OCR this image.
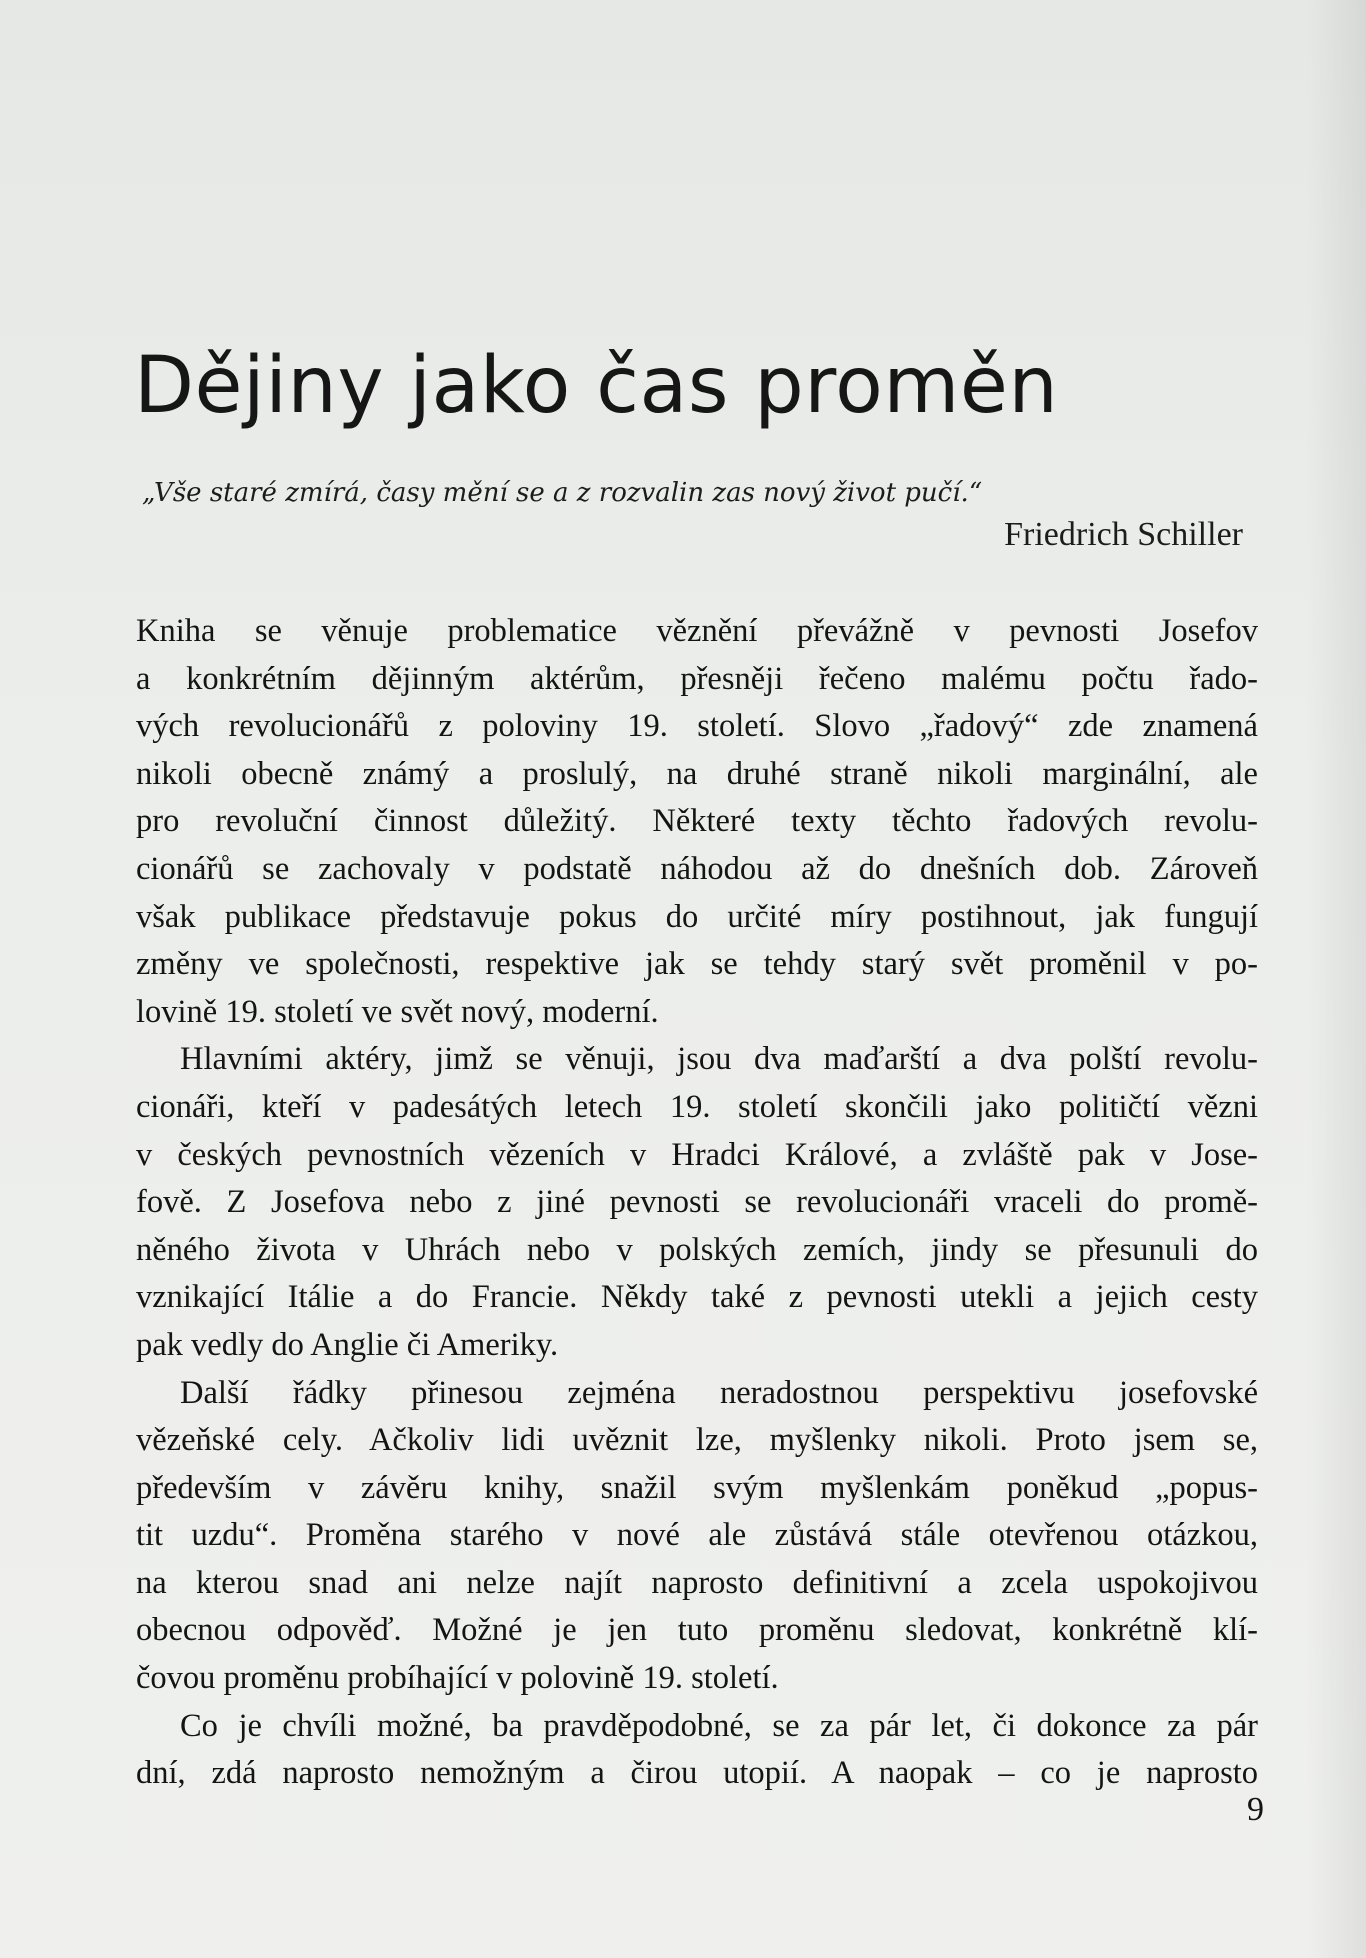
Dějiny jako čas proměn

„Vše staré zmírá, časy mění se a z rozvalin zas nový život pučí.“

Friedrich Schiller

Kniha se věnuje problematice věznění převážně v pevnosti Josefov
a konkrétním dějinným aktérům, přesněji řečeno malému počtu řado-
vých revolucionářů z poloviny 19. století. Slovo „řadový“ zde znamená
nikoli obecně známý a proslulý, na druhé straně nikoli marginální, ale
pro revoluční činnost důležitý. Některé texty těchto řadových revolu-
cionářů se zachovaly v podstatě náhodou až do dnešních dob. Zároveň
však publikace představuje pokus do určité míry postihnout, jak fungují
změny ve společnosti, respektive jak se tehdy starý svět proměnil v po-
lovině 19. století ve svět nový, moderní.

Hlavními aktéry, jimž se věnuji, jsou dva maďarští a dva polští revolu-
cionáři, kteří v padesátých letech 19. století skončili jako političtí vězni
v českých pevnostních vězeních v Hradci Králové, a zvláště pak v Jose-
fově. Z Josefova nebo z jiné pevnosti se revolucionáři vraceli do promě-
něného života v Uhrách nebo v polských zemích, jindy se přesunuli do
vznikající Itálie a do Francie. Někdy také z pevnosti utekli a jejich cesty
pak vedly do Anglie či Ameriky.

Další řádky přinesou zejména neradostnou perspektivu josefovské
vězeňské cely. Ačkoliv lidi uvěznit lze, myšlenky nikoli. Proto jsem se,
především v závěru knihy, snažil svým myšlenkám poněkud „popus-
tit uzdu“. Proměna starého v nové ale zůstává stále otevřenou otázkou,
na kterou snad ani nelze najít naprosto definitivní a zcela uspokojivou
obecnou odpověď. Možné je jen tuto proměnu sledovat, konkrétně klí-
čovou proměnu probíhající v polovině 19. století.

Co je chvíli možné, ba pravděpodobné, se za pár let, či dokonce za pár
dní, zdá naprosto nemožným a čirou utopií. A naopak – co je naprosto

9
